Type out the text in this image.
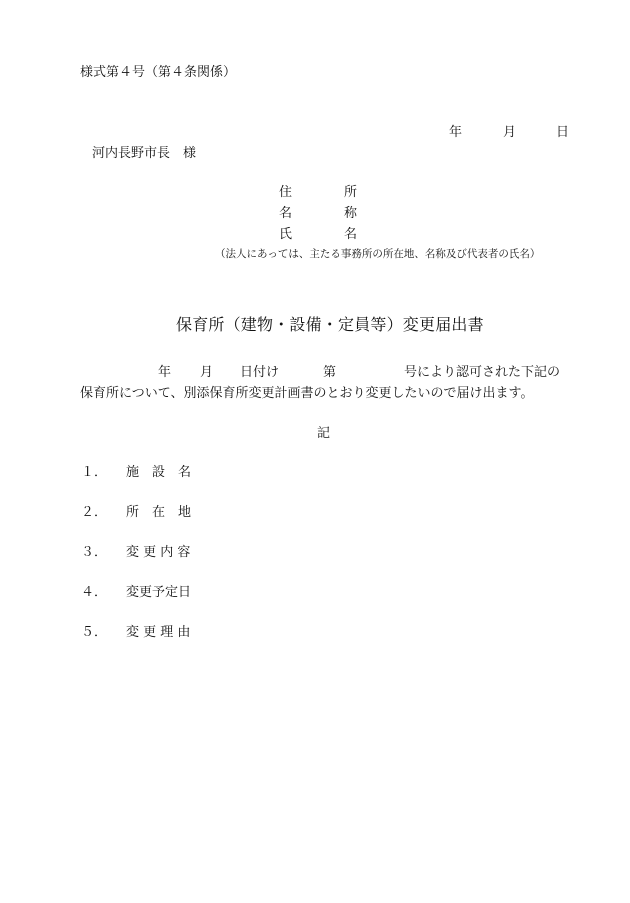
様式第４号（第４条関係）
年	月	日
河内長野市長　様
住	所
名	称
氏	名
（法人にあっては、主たる事務所の所在地、名称及び代表者の氏名）
保育所（建物・設備・定員等）変更届出書
年 月 日付け	第	号により認可された下記の
保育所について、別添保育所変更計画書のとおり変更したいので届け出ます。
記
１． 施　設　名
２． 所　在　地
３． 変 更 内 容
４． 変更予定日
５． 変 更 理 由
